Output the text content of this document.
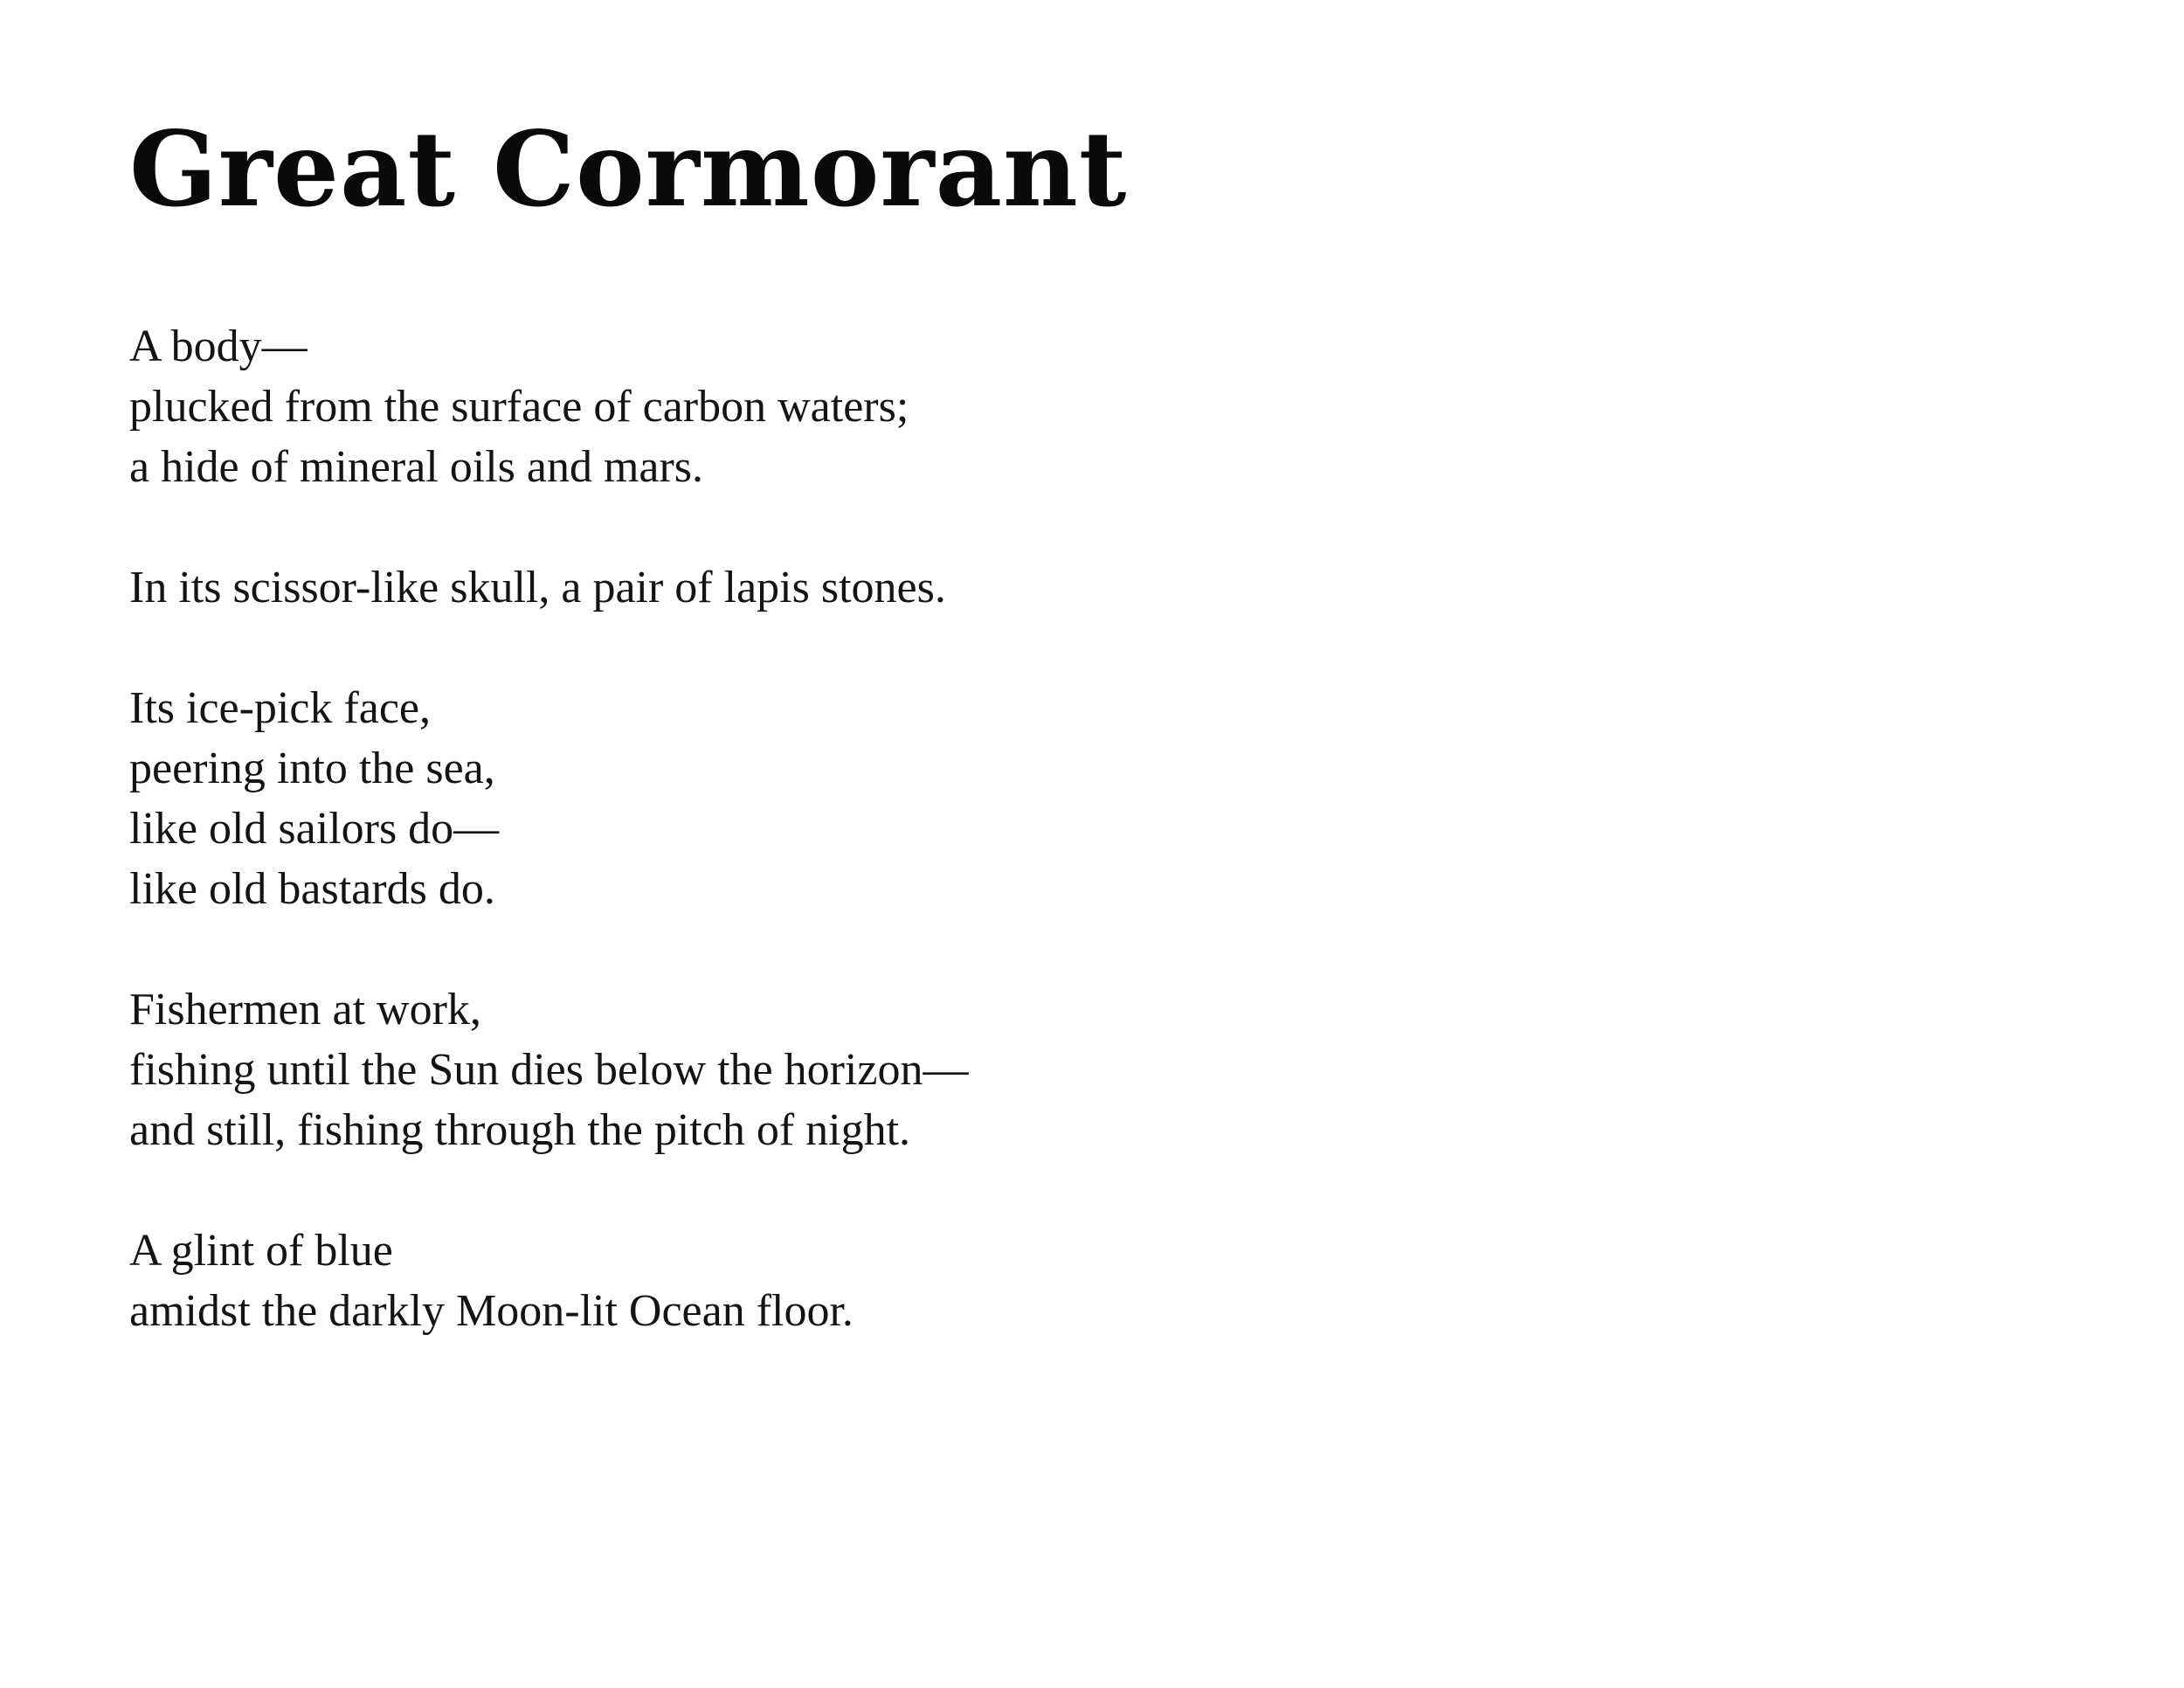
Great Cormorant
A body—
plucked from the surface of carbon waters;
a hide of mineral oils and mars.
In its scissor-like skull, a pair of lapis stones.
Its ice-pick face,
peering into the sea,
like old sailors do—
like old bastards do.
Fishermen at work,
fishing until the Sun dies below the horizon—
and still, fishing through the pitch of night.
A glint of blue
amidst the darkly Moon-lit Ocean floor.
